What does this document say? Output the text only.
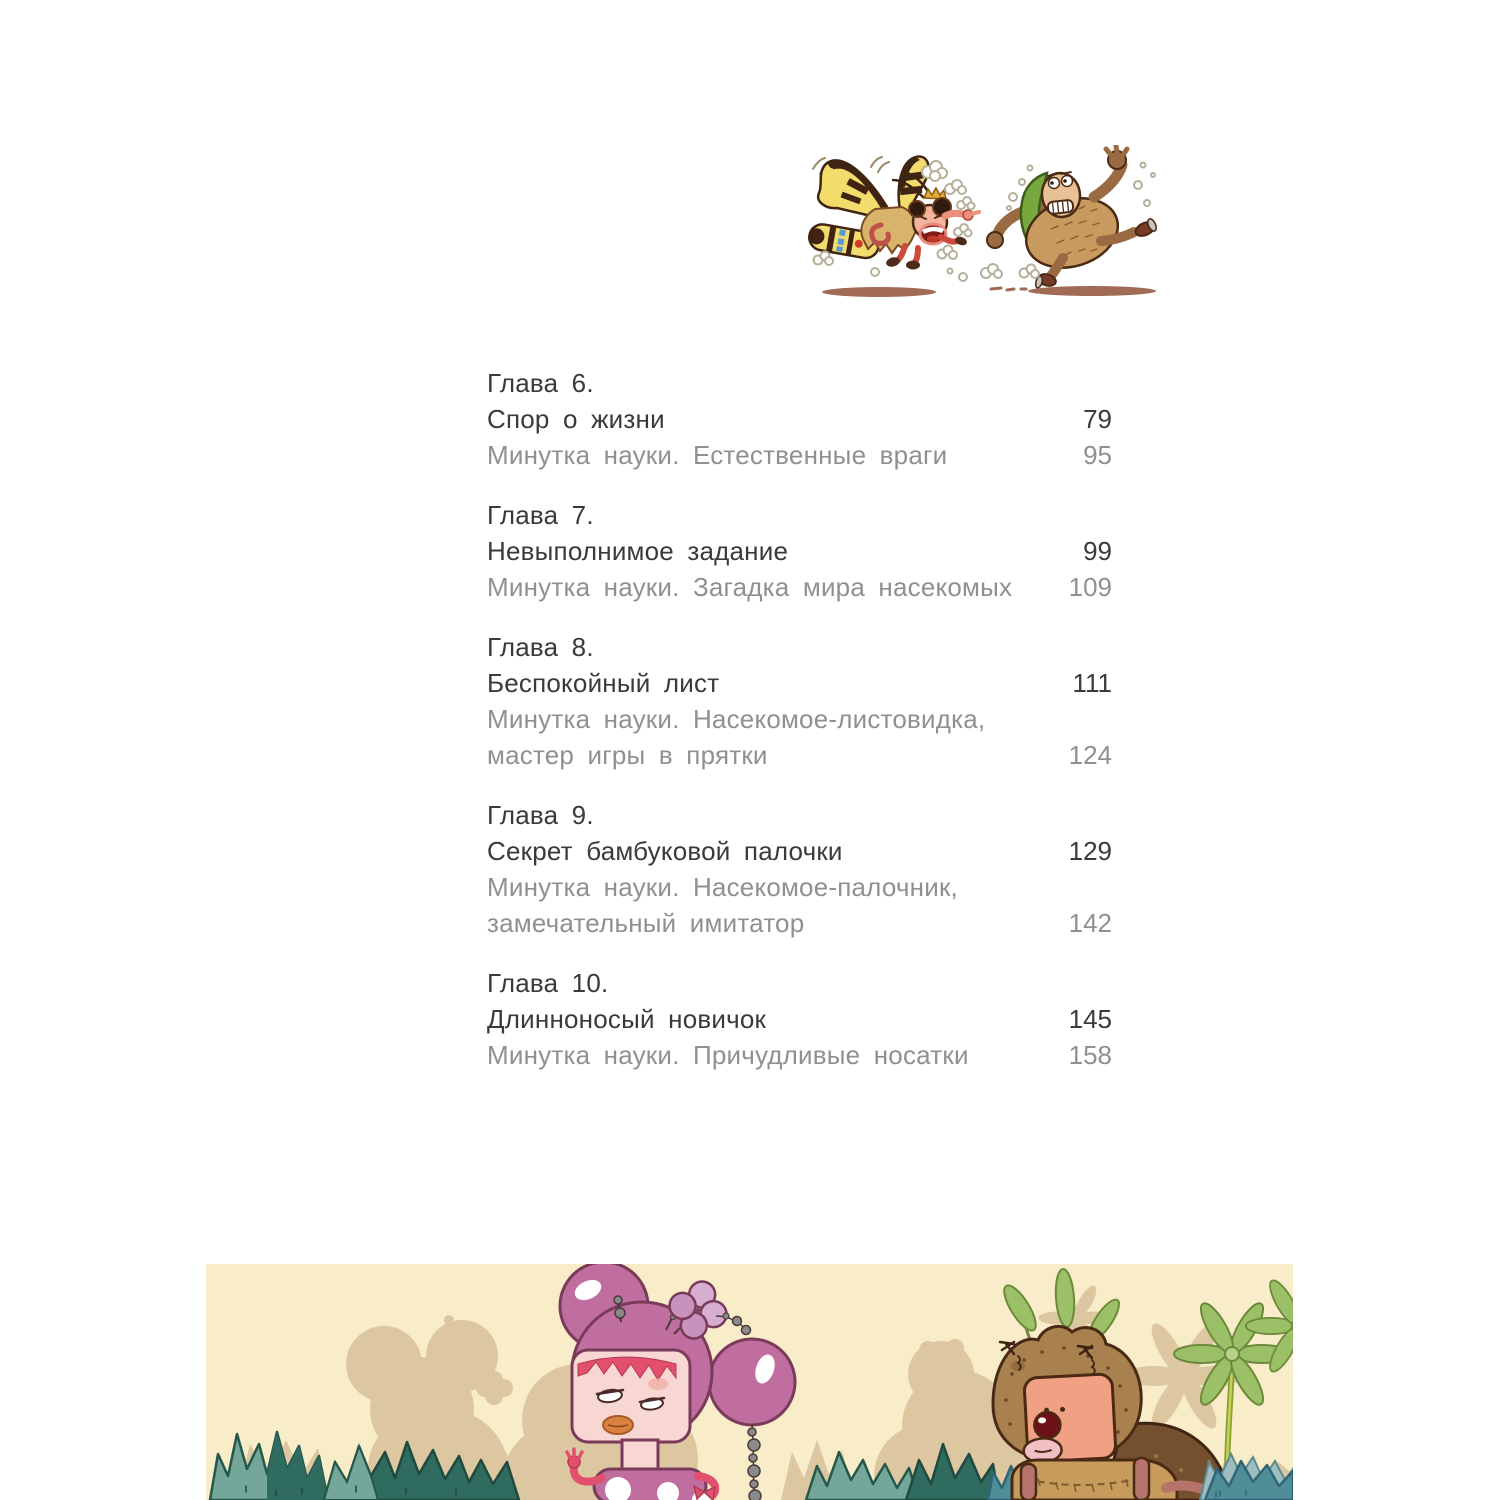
Глава 6.
Спор о жизни	79
Минутка науки. Естественные враги	95
Глава 7.
Невыполнимое задание	99
Минутка науки. Загадка мира насекомых 109
Глава 8.
Беспокойный лист	111
Минутка науки. Насекомое-листовидка,
мастер игры в прятки	124
Глава 9.
Секрет бамбуковой палочки	129
Минутка науки. Насекомое-палочник,
замечательный имитатор	142
Глава 10.
Длинноносый новичок	145
Минутка науки. Причудливые носатки	158
